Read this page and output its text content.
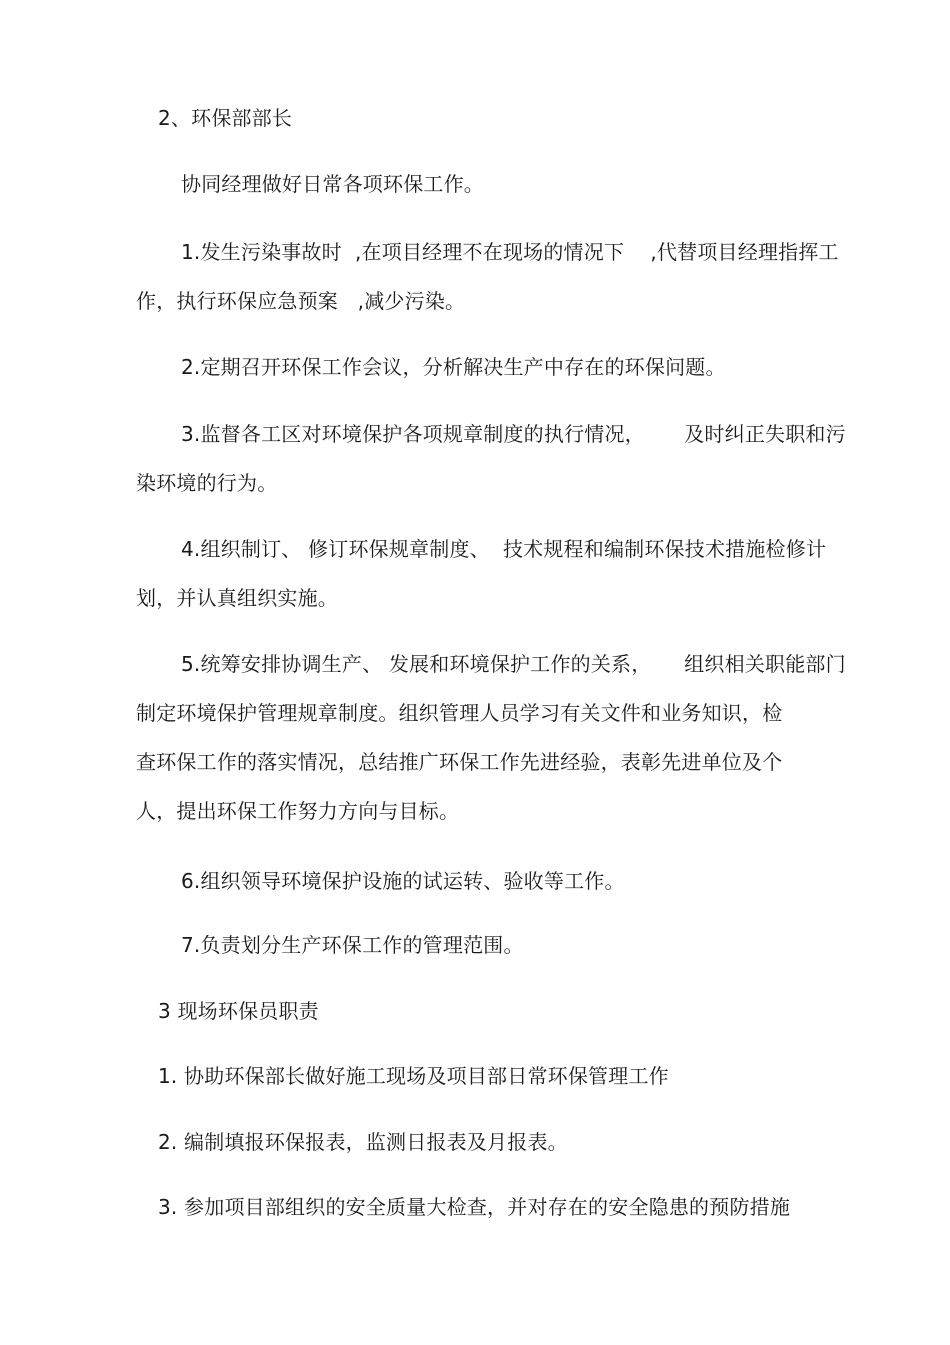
2、环保部部长
协同经理做好日常各项环保工作。
1.发生污染事故时  ,在项目经理不在现场的情况下    ,代替项目经理指挥工
作，执行环保应急预案   ,减少污染。
2.定期召开环保工作会议，分析解决生产中存在的环保问题。
3.监督各工区对环境保护各项规章制度的执行情况，      及时纠正失职和污
染环境的行为。
4.组织制订、 修订环保规章制度、  技术规程和编制环保技术措施检修计
划，并认真组织实施。
5.统筹安排协调生产、 发展和环境保护工作的关系，     组织相关职能部门
制定环境保护管理规章制度。组织管理人员学习有关文件和业务知识，检
查环保工作的落实情况，总结推广环保工作先进经验，表彰先进单位及个
人，提出环保工作努力方向与目标。
6.组织领导环境保护设施的试运转、验收等工作。
7.负责划分生产环保工作的管理范围。
3 现场环保员职责
1. 协助环保部长做好施工现场及项目部日常环保管理工作
2. 编制填报环保报表，监测日报表及月报表。
3. 参加项目部组织的安全质量大检查，并对存在的安全隐患的预防措施
